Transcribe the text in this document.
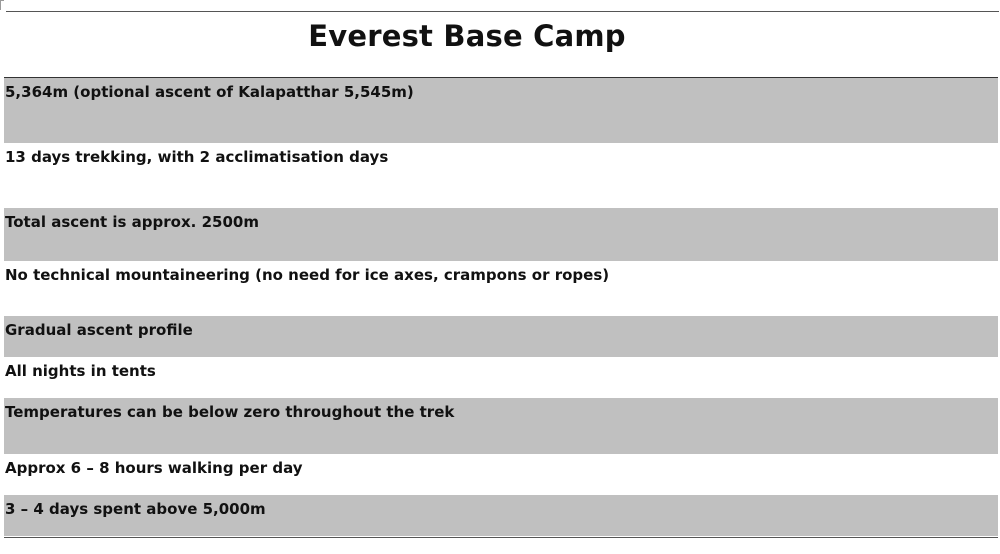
Everest Base Camp
5,364m (optional ascent of Kalapatthar 5,545m)
13 days trekking, with 2 acclimatisation days
Total ascent is approx. 2500m
No technical mountaineering (no need for ice axes, crampons or ropes)
Gradual ascent profile
All nights in tents
Temperatures can be below zero throughout the trek
Approx 6 – 8 hours walking per day
3 – 4 days spent above 5,000m
